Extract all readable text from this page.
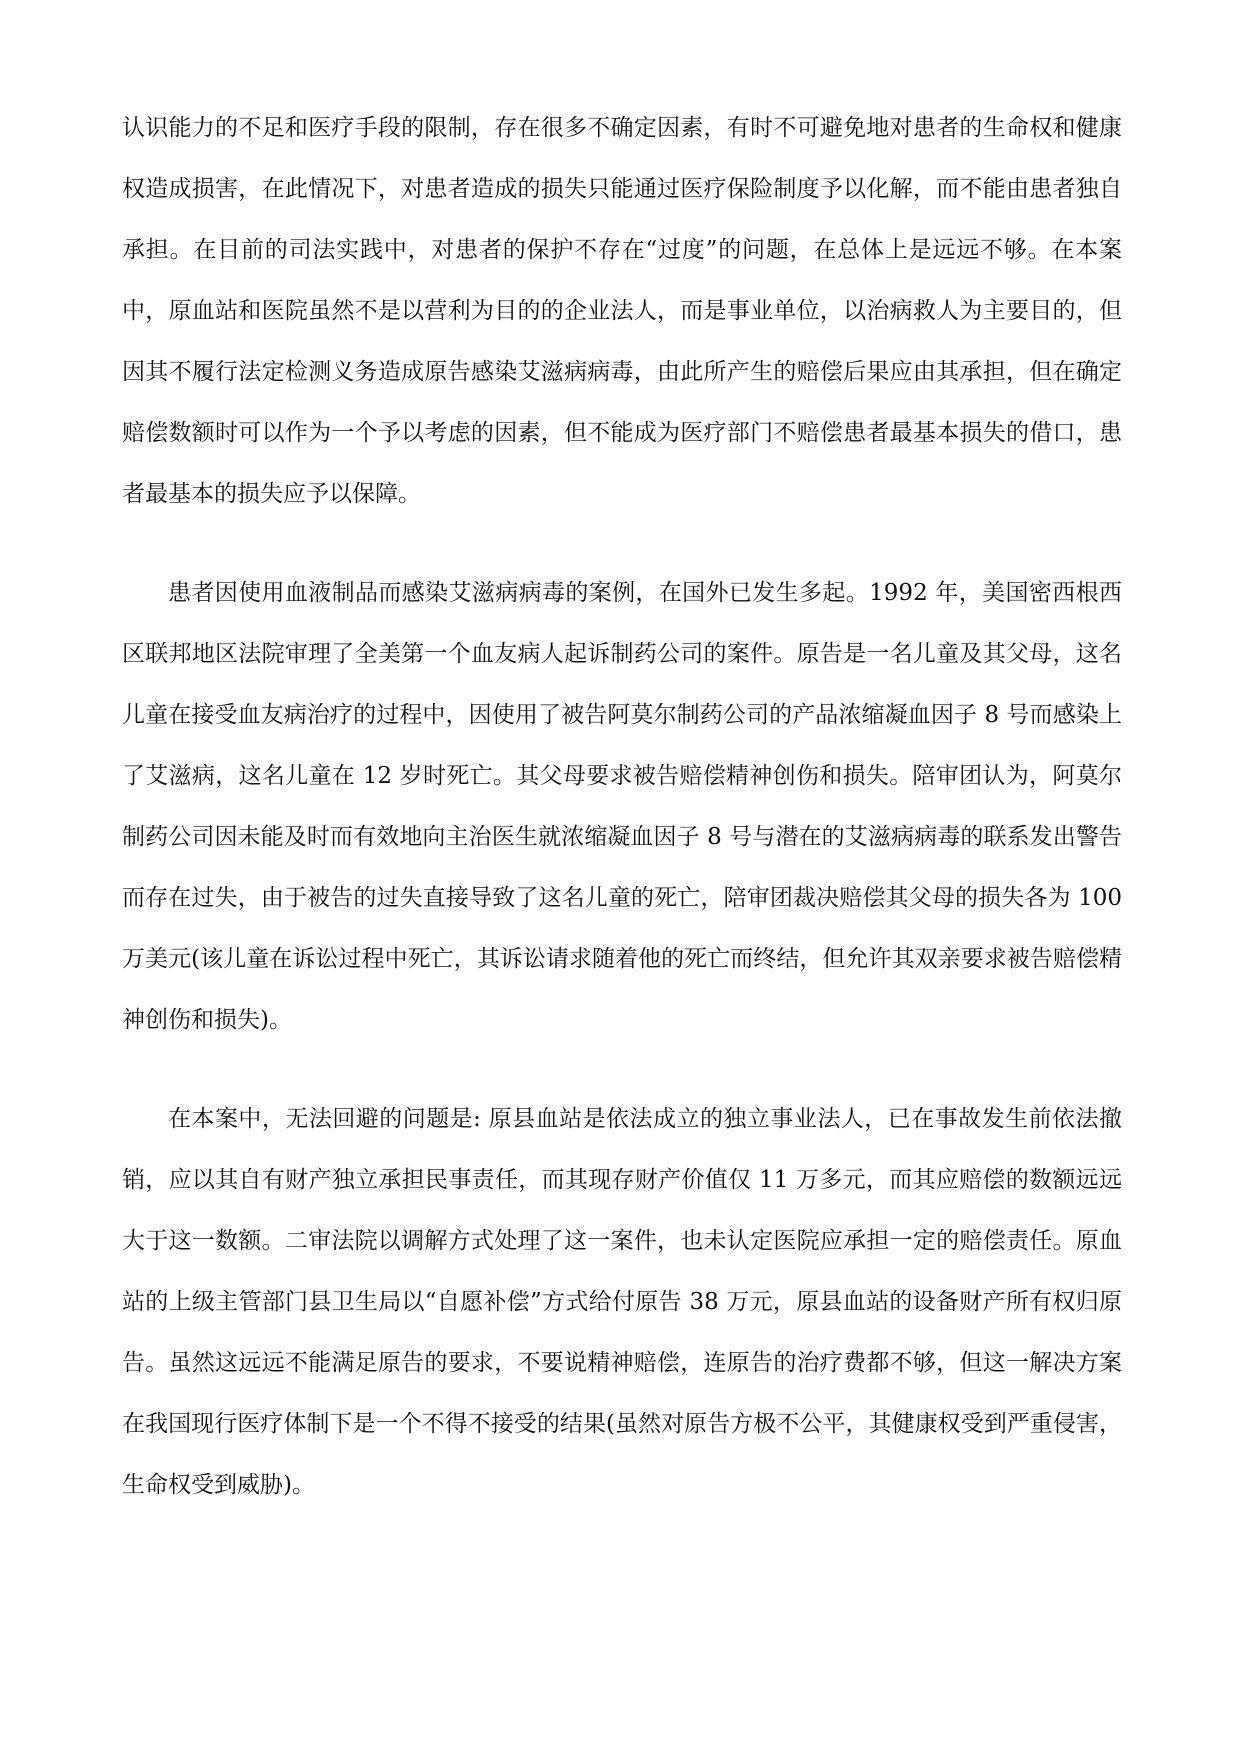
认识能力的不足和医疗手段的限制，存在很多不确定因素，有时不可避免地对患者的生命权和健康权造成损害，在此情况下，对患者造成的损失只能通过医疗保险制度予以化解，而不能由患者独自承担。在目前的司法实践中，对患者的保护不存在“过度”的问题，在总体上是远远不够。在本案中，原血站和医院虽然不是以营利为目的的企业法人，而是事业单位，以治病救人为主要目的，但因其不履行法定检测义务造成原告感染艾滋病病毒，由此所产生的赔偿后果应由其承担，但在确定赔偿数额时可以作为一个予以考虑的因素，但不能成为医疗部门不赔偿患者最基本损失的借口，患者最基本的损失应予以保障。

患者因使用血液制品而感染艾滋病病毒的案例，在国外已发生多起。1992 年，美国密西根西区联邦地区法院审理了全美第一个血友病人起诉制药公司的案件。原告是一名儿童及其父母，这名儿童在接受血友病治疗的过程中，因使用了被告阿莫尔制药公司的产品浓缩凝血因子 8 号而感染上了艾滋病，这名儿童在 12 岁时死亡。其父母要求被告赔偿精神创伤和损失。陪审团认为，阿莫尔制药公司因未能及时而有效地向主治医生就浓缩凝血因子 8 号与潜在的艾滋病病毒的联系发出警告而存在过失，由于被告的过失直接导致了这名儿童的死亡，陪审团裁决赔偿其父母的损失各为 100 万美元(该儿童在诉讼过程中死亡，其诉讼请求随着他的死亡而终结，但允许其双亲要求被告赔偿精神创伤和损失)。

在本案中，无法回避的问题是: 原县血站是依法成立的独立事业法人，已在事故发生前依法撤销，应以其自有财产独立承担民事责任，而其现存财产价值仅 11 万多元，而其应赔偿的数额远远大于这一数额。二审法院以调解方式处理了这一案件，也未认定医院应承担一定的赔偿责任。原血站的上级主管部门县卫生局以“自愿补偿”方式给付原告 38 万元，原县血站的设备财产所有权归原告。虽然这远远不能满足原告的要求，不要说精神赔偿，连原告的治疗费都不够，但这一解决方案在我国现行医疗体制下是一个不得不接受的结果(虽然对原告方极不公平，其健康权受到严重侵害，生命权受到威胁)。
